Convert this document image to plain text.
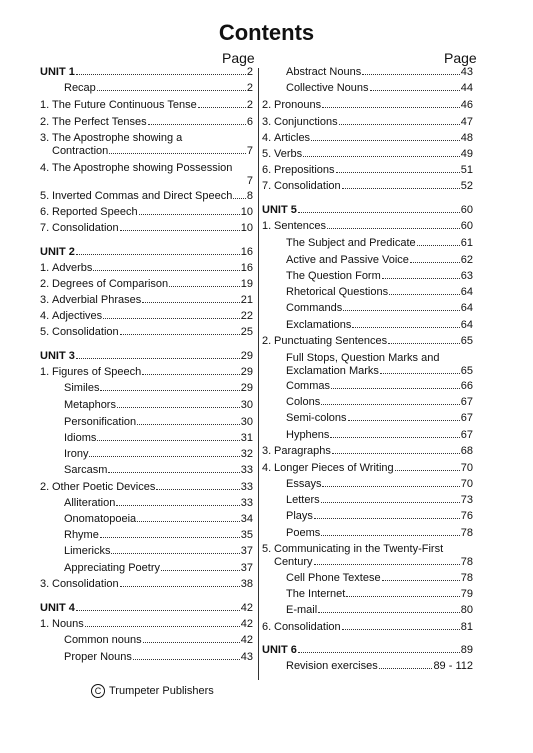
Contents
Page	Page
UNIT 1	2
Recap	2
1. The Future Continuous Tense	2
2. The Perfect Tenses	6
3. The Apostrophe showing a
Contraction	7
4. The Apostrophe showing Possession
7
5. Inverted Commas and Direct Speech 8
6. Reported Speech	10
7. Consolidation	10
UNIT 2	16
1. Adverbs	16
2. Degrees of Comparison	19
3. Adverbial Phrases	21
4. Adjectives	22
5. Consolidation	25
UNIT 3	29
1. Figures of Speech	29
Similes	29
Metaphors	30
Personification	30
Idioms	31
Irony	32
Sarcasm	33
2. Other Poetic Devices	33
Alliteration	33
Onomatopoeia	34
Rhyme	35
Limericks	37
Appreciating Poetry	37
3. Consolidation	38
UNIT 4	42
1. Nouns	42
Common nouns	42
Proper Nouns	43
Abstract Nouns	43
Collective Nouns	44
2. Pronouns	46
3. Conjunctions	47
4. Articles	48
5. Verbs	49
6. Prepositions	51
7. Consolidation	52
UNIT 5	60
1. Sentences	60
The Subject and Predicate	61
Active and Passive Voice	62
The Question Form	63
Rhetorical Questions	64
Commands	64
Exclamations	64
2. Punctuating Sentences	65
Full Stops, Question Marks and
Exclamation Marks	65
Commas	66
Colons	67
Semi-colons	67
Hyphens	67
3. Paragraphs	68
4. Longer Pieces of Writing	70
Essays	70
Letters	73
Plays	76
Poems	78
5. Communicating in the Twenty-First
Century	78
Cell Phone Textese	78
The Internet	79
E-mail	80
6. Consolidation	81
UNIT 6	89
Revision exercises	89 - 112
C Trumpeter Publishers
